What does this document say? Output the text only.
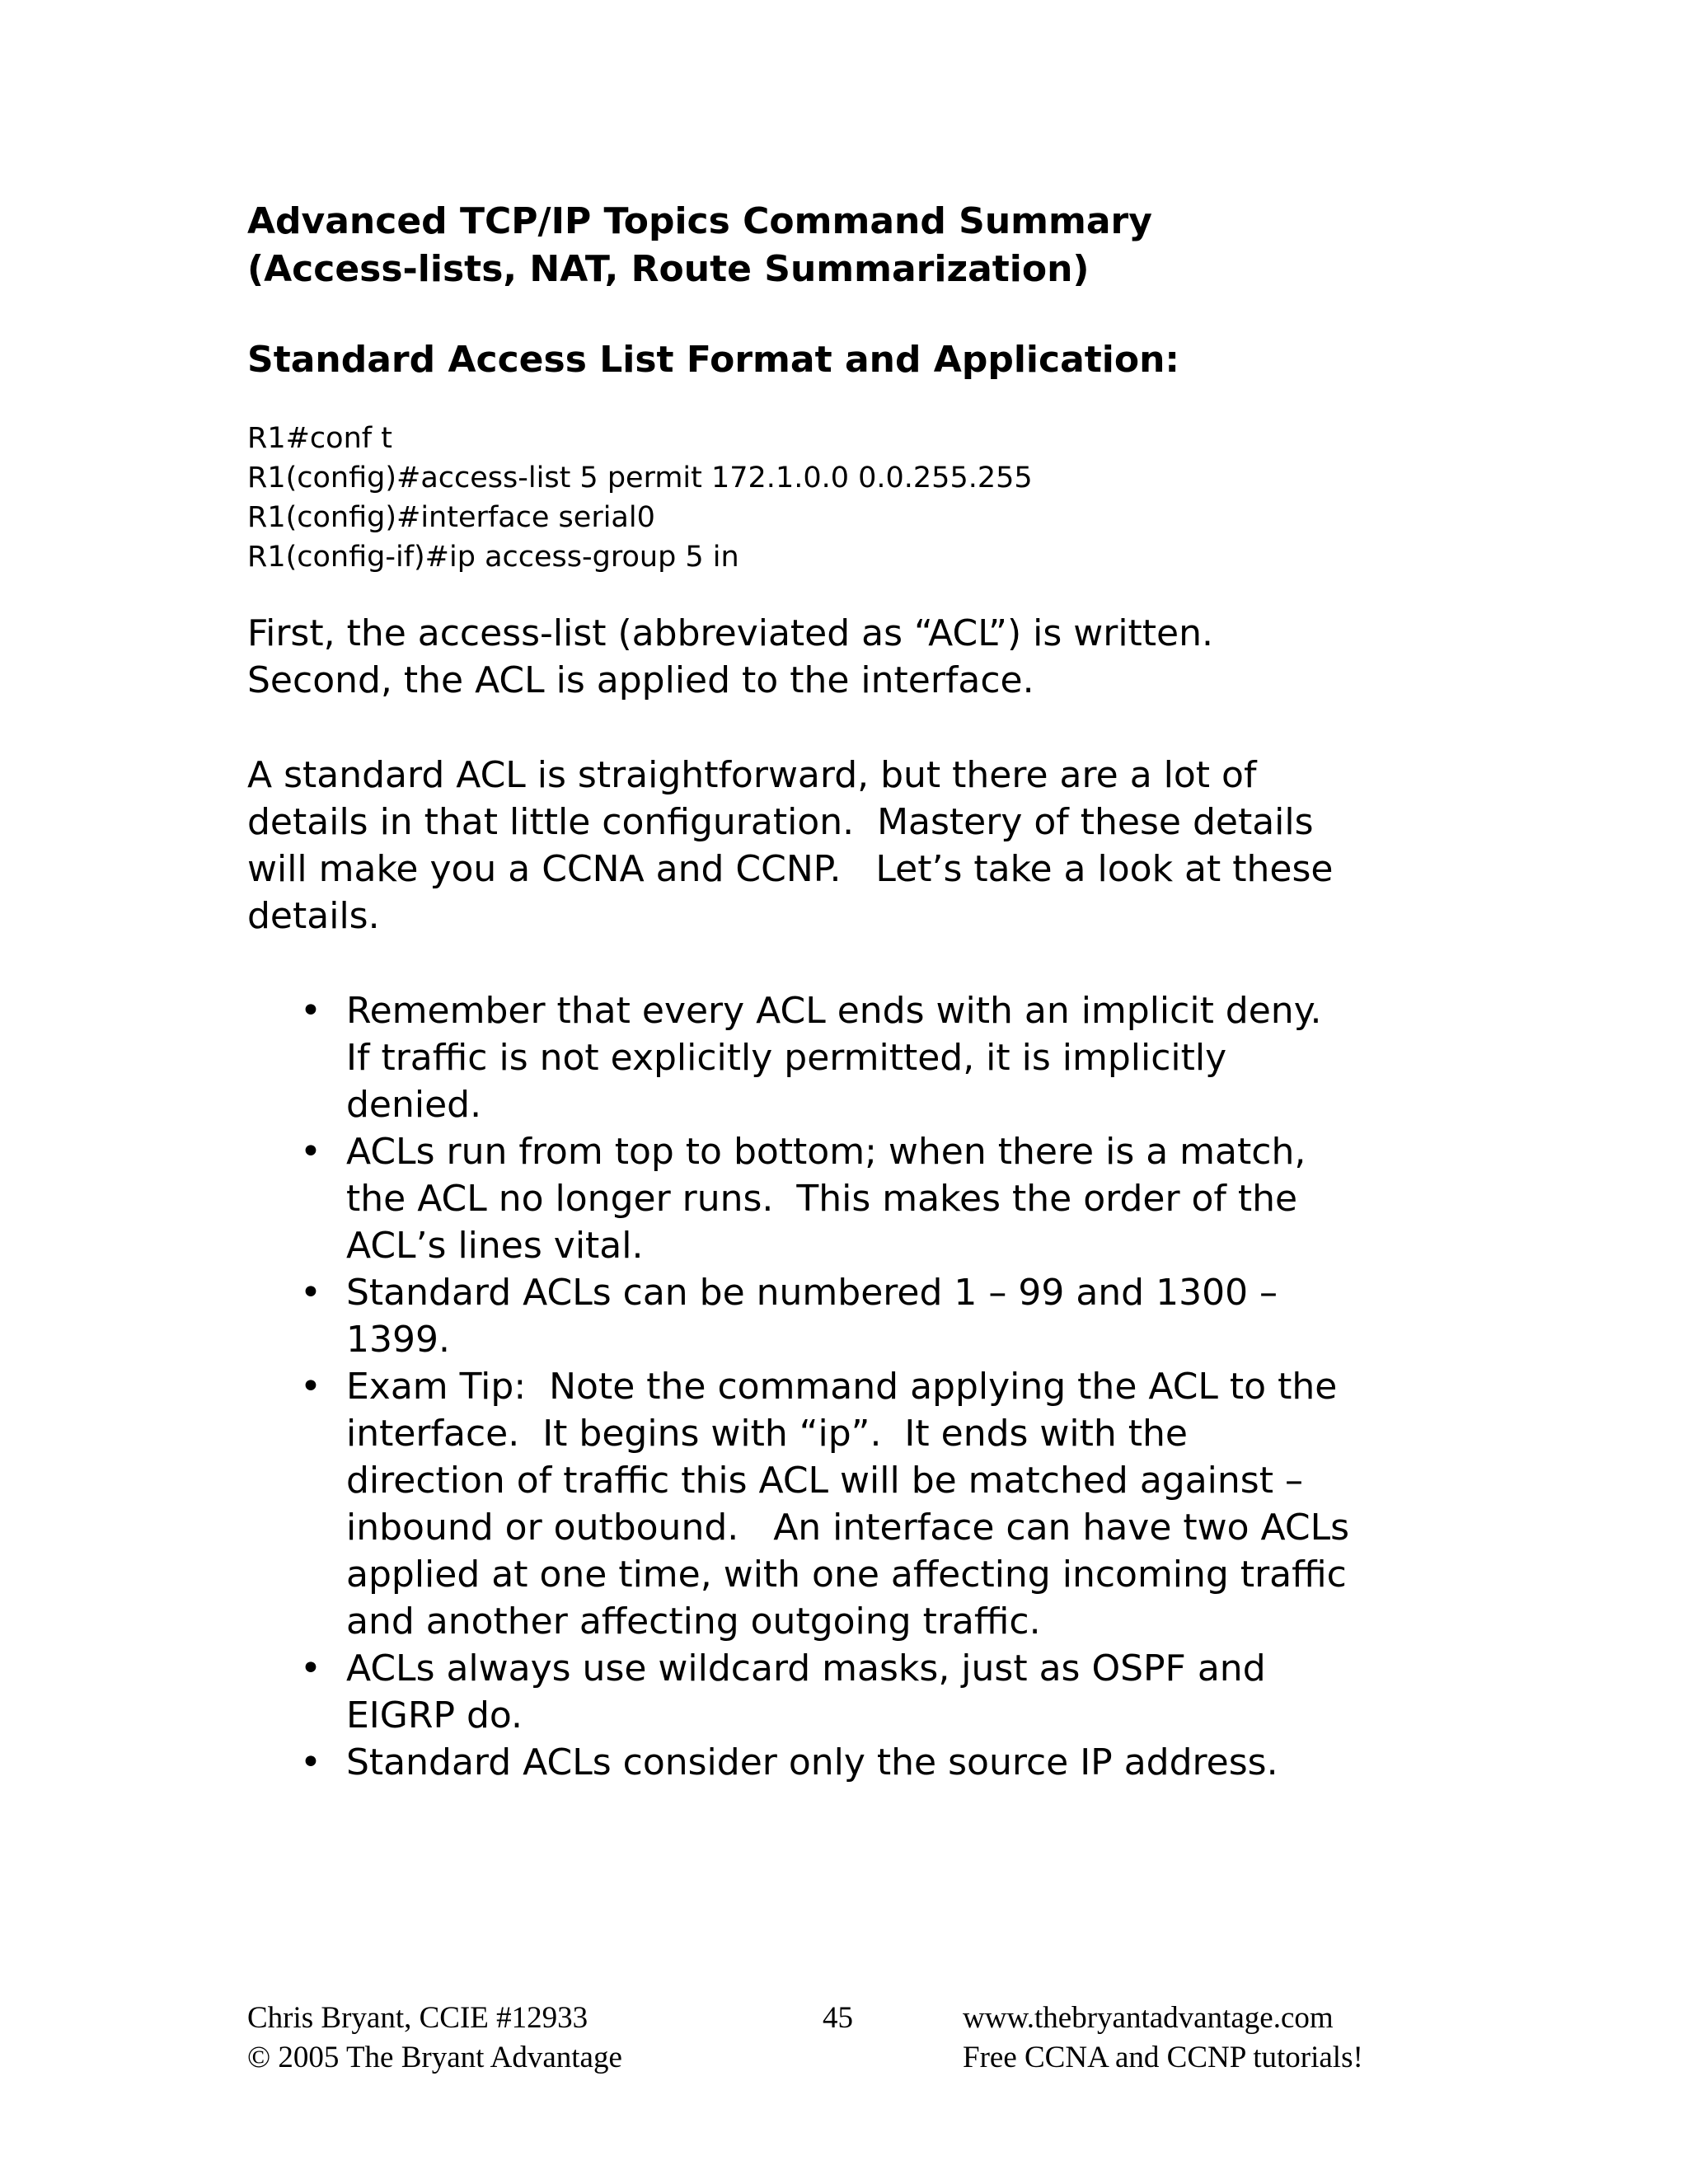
Advanced TCP/IP Topics Command Summary
(Access-lists, NAT, Route Summarization)
Standard Access List Format and Application:
R1#conf t
R1(config)#access-list 5 permit 172.1.0.0 0.0.255.255
R1(config)#interface serial0
R1(config-if)#ip access-group 5 in

First, the access-list (abbreviated as “ACL”) is written.
Second, the ACL is applied to the interface.

A standard ACL is straightforward, but there are a lot of
details in that little configuration.  Mastery of these details
will make you a CCNA and CCNP.   Let’s take a look at these
details.

• Remember that every ACL ends with an implicit deny.
If traffic is not explicitly permitted, it is implicitly
denied.
• ACLs run from top to bottom; when there is a match,
the ACL no longer runs.  This makes the order of the
ACL’s lines vital.
• Standard ACLs can be numbered 1 – 99 and 1300 –
1399.
• Exam Tip:  Note the command applying the ACL to the
interface.  It begins with “ip”.  It ends with the
direction of traffic this ACL will be matched against –
inbound or outbound.   An interface can have two ACLs
applied at one time, with one affecting incoming traffic
and another affecting outgoing traffic.
• ACLs always use wildcard masks, just as OSPF and
EIGRP do.
• Standard ACLs consider only the source IP address.
Chris Bryant, CCIE #12933
© 2005 The Bryant Advantage
45	www.thebryantadvantage.com
Free CCNA and CCNP tutorials!
